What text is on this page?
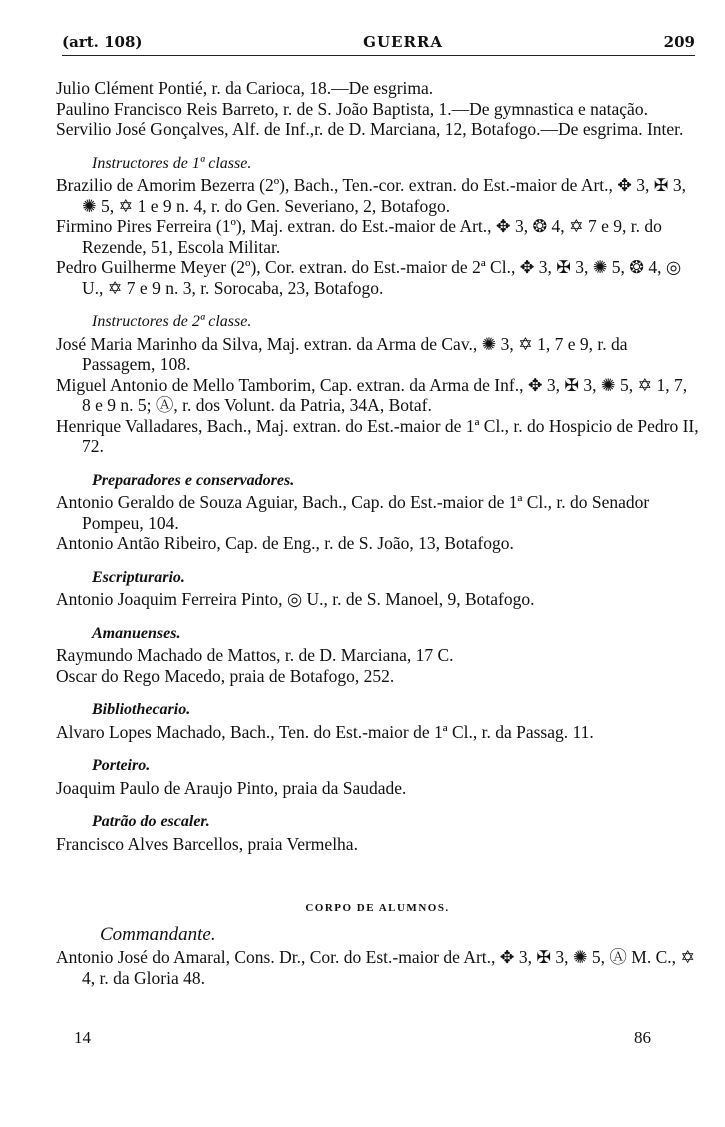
(art. 108)	GUERRA	209

Julio Clément Pontié, r. da Carioca, 18.—De esgrima.

Paulino Francisco Reis Barreto, r. de S. João Baptista, 1.—De gymnastica e natação.

Servilio José Gonçalves, Alf. de Inf.,r. de D. Marciana, 12, Botafogo.—De esgrima. Inter.

Instructores de 1ª classe.

Brazilio de Amorim Bezerra (2º), Bach., Ten.-cor. extran. do Est.-maior de Art., ✥ 3, ✠ 3, ✺ 5, ✡ 1 e 9 n. 4, r. do Gen. Severiano, 2, Botafogo.

Firmino Pires Ferreira (1º), Maj. extran. do Est.-maior de Art., ✥ 3, ❂ 4, ✡ 7 e 9, r. do Rezende, 51, Escola Militar.

Pedro Guilherme Meyer (2º), Cor. extran. do Est.-maior de 2ª Cl., ✥ 3, ✠ 3, ✺ 5, ❂ 4, ◎ U., ✡ 7 e 9 n. 3, r. Sorocaba, 23, Botafogo.

Instructores de 2ª classe.

José Maria Marinho da Silva, Maj. extran. da Arma de Cav., ✺ 3, ✡ 1, 7 e 9, r. da Passagem, 108.

Miguel Antonio de Mello Tamborim, Cap. extran. da Arma de Inf., ✥ 3, ✠ 3, ✺ 5, ✡ 1, 7, 8 e 9 n. 5; Ⓐ, r. dos Volunt. da Patria, 34A, Botaf.

Henrique Valladares, Bach., Maj. extran. do Est.-maior de 1ª Cl., r. do Hospicio de Pedro II, 72.

Preparadores e conservadores.

Antonio Geraldo de Souza Aguiar, Bach., Cap. do Est.-maior de 1ª Cl., r. do Senador Pompeu, 104.

Antonio Antão Ribeiro, Cap. de Eng., r. de S. João, 13, Botafogo.

Escripturario.

Antonio Joaquim Ferreira Pinto, ◎ U., r. de S. Manoel, 9, Botafogo.

Amanuenses.

Raymundo Machado de Mattos, r. de D. Marciana, 17 C.

Oscar do Rego Macedo, praia de Botafogo, 252.

Bibliothecario.

Alvaro Lopes Machado, Bach., Ten. do Est.-maior de 1ª Cl., r. da Passag. 11.

Porteiro.

Joaquim Paulo de Araujo Pinto, praia da Saudade.

Patrão do escaler.

Francisco Alves Barcellos, praia Vermelha.

CORPO DE ALUMNOS.
Commandante.

Antonio José do Amaral, Cons. Dr., Cor. do Est.-maior de Art., ✥ 3, ✠ 3, ✺ 5, Ⓐ M. C., ✡ 4, r. da Gloria 48.

14	86
